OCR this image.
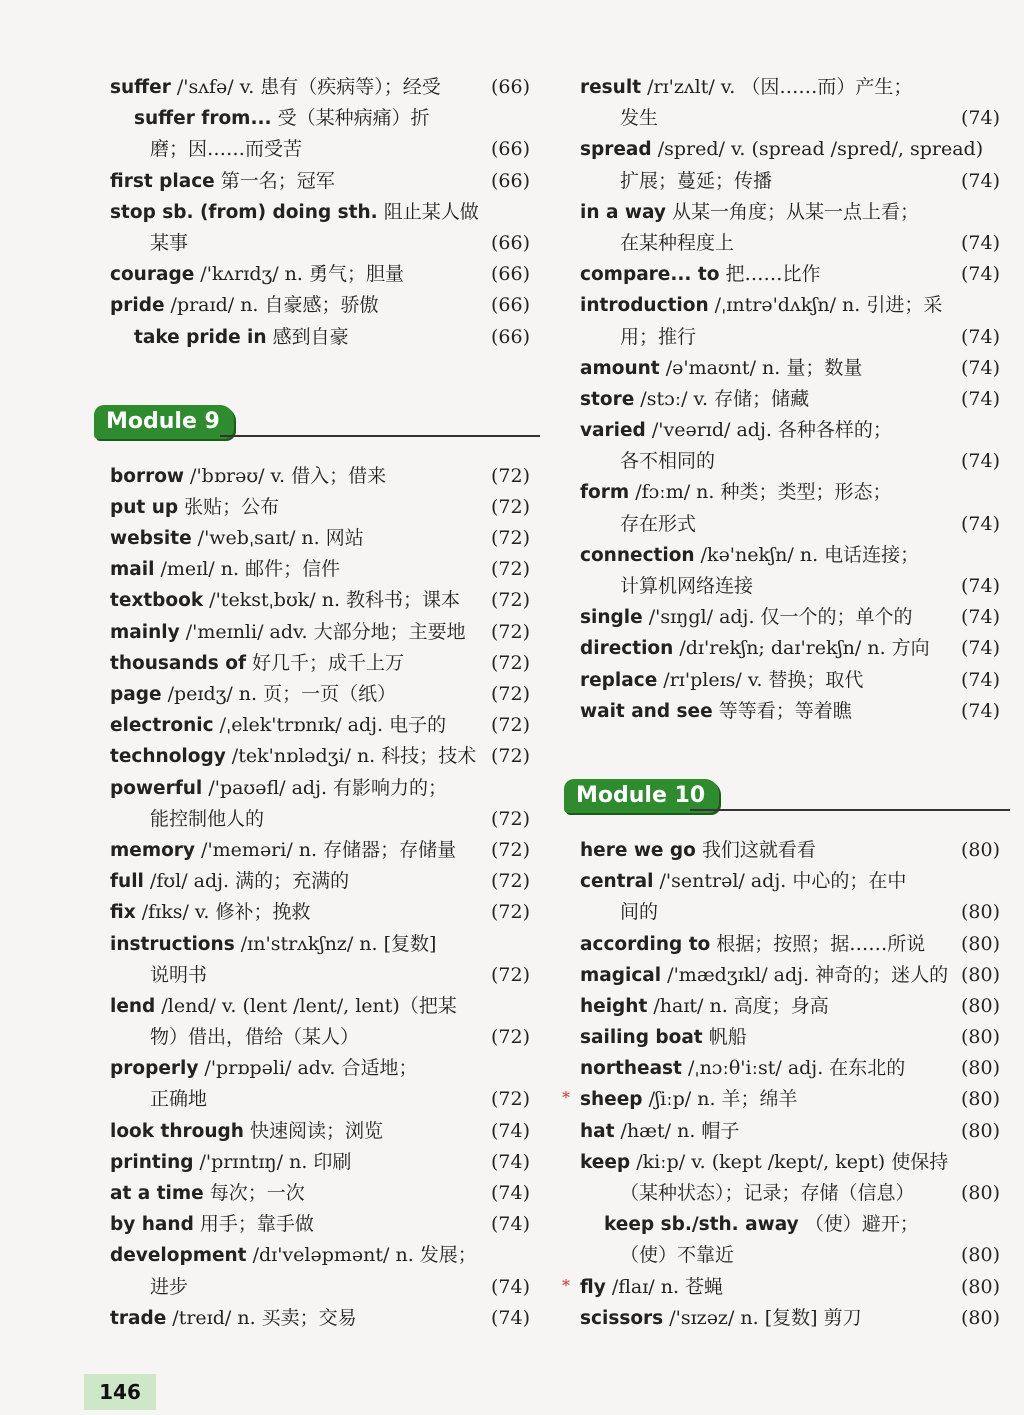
suffer /'sʌfə/ v. 患有（疾病等）；经受	(66)
suffer from... 受（某种病痛）折
磨；因……而受苦	(66)
first place 第一名；冠军	(66)
stop sb. (from) doing sth. 阻止某人做
某事	(66)
courage /'kʌrɪdʒ/ n. 勇气；胆量	(66)
pride /praɪd/ n. 自豪感；骄傲	(66)
take pride in 感到自豪	(66)
Module 9
borrow /'bɒrəʊ/ v. 借入；借来	(72)
put up 张贴；公布	(72)
website /'webˌsaɪt/ n. 网站	(72)
mail /meɪl/ n. 邮件；信件	(72)
textbook /'tekstˌbʊk/ n. 教科书；课本 (72)
mainly /'meɪnli/ adv. 大部分地；主要地 (72)
thousands of 好几千；成千上万	(72)
page /peɪdʒ/ n. 页；一页（纸）	(72)
electronic /ˌelek'trɒnɪk/ adj. 电子的 (72)
technology /tek'nɒlədʒi/ n. 科技；技术 (72)
powerful /'paʊəfl/ adj. 有影响力的；
能控制他人的	(72)
memory /'meməri/ n. 存储器；存储量 (72)
full /fʊl/ adj. 满的；充满的	(72)
fix /fɪks/ v. 修补；挽救	(72)
instructions /ɪn'strʌkʃnz/ n. [复数]
说明书	(72)
lend /lend/ v. (lent /lent/, lent)（把某
物）借出，借给（某人）	(72)
properly /'prɒpəli/ adv. 合适地；
正确地	(72)
look through 快速阅读；浏览	(74)
printing /'prɪntɪŋ/ n. 印刷	(74)
at a time 每次；一次	(74)
by hand 用手；靠手做	(74)
development /dɪ'veləpmənt/ n. 发展；
进步	(74)
trade /treɪd/ n. 买卖；交易	(74)
result /rɪ'zʌlt/ v. （因……而）产生；
发生	(74)
spread /spred/ v. (spread /spred/, spread)
扩展；蔓延；传播	(74)
in a way 从某一角度；从某一点上看；
在某种程度上	(74)
compare... to 把……比作	(74)
introduction /ˌɪntrə'dʌkʃn/ n. 引进；采
用；推行	(74)
amount /ə'maʊnt/ n. 量；数量	(74)
store /stɔː/ v. 存储；储藏	(74)
varied /'veərɪd/ adj. 各种各样的；
各不相同的	(74)
form /fɔːm/ n. 种类；类型；形态；
存在形式	(74)
connection /kə'nekʃn/ n. 电话连接；
计算机网络连接	(74)
single /'sɪŋgl/ adj. 仅一个的；单个的	(74)
direction /dɪ'rekʃn; daɪ'rekʃn/ n. 方向 (74)
replace /rɪ'pleɪs/ v. 替换；取代	(74)
wait and see 等等看；等着瞧	(74)
Module 10
here we go 我们这就看看	(80)
central /'sentrəl/ adj. 中心的；在中
间的	(80)
according to 根据；按照；据……所说 (80)
magical /'mædʒɪkl/ adj. 神奇的；迷人的 (80)
height /haɪt/ n. 高度；身高	(80)
sailing boat 帆船	(80)
northeast /ˌnɔːθ'iːst/ adj. 在东北的	(80)
* sheep /ʃiːp/ n. 羊；绵羊	(80)
hat /hæt/ n. 帽子	(80)
keep /kiːp/ v. (kept /kept/, kept) 使保持
（某种状态）；记录；存储（信息） (80)
keep sb./sth. away （使）避开；
（使）不靠近	(80)
* fly /flaɪ/ n. 苍蝇	(80)
scissors /'sɪzəz/ n. [复数] 剪刀	(80)
146
